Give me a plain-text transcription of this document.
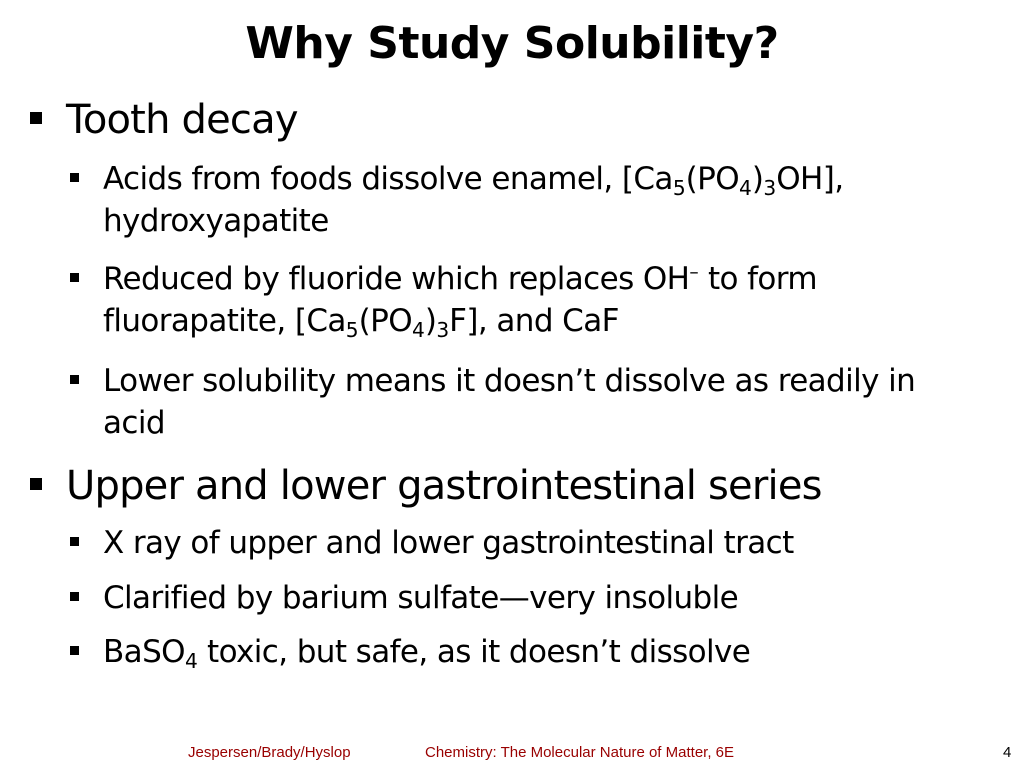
Why Study Solubility?
Tooth decay
Acids from foods dissolve enamel, $[Ca_5(PO_4)_3OH]$, hydroxyapatite
Reduced by fluoride which replaces OH– to form fluorapatite, $[Ca_5(PO_4)_3F]$, and CaF
Lower solubility means it doesn’t dissolve as readily in acid
Upper and lower gastrointestinal series
X ray of upper and lower gastrointestinal tract
Clarified by barium sulfate—very insoluble
BaSO$_4$ toxic, but safe, as it doesn’t dissolve
Jespersen/Brady/Hyslop	Chemistry: The Molecular Nature of Matter, 6E	4
